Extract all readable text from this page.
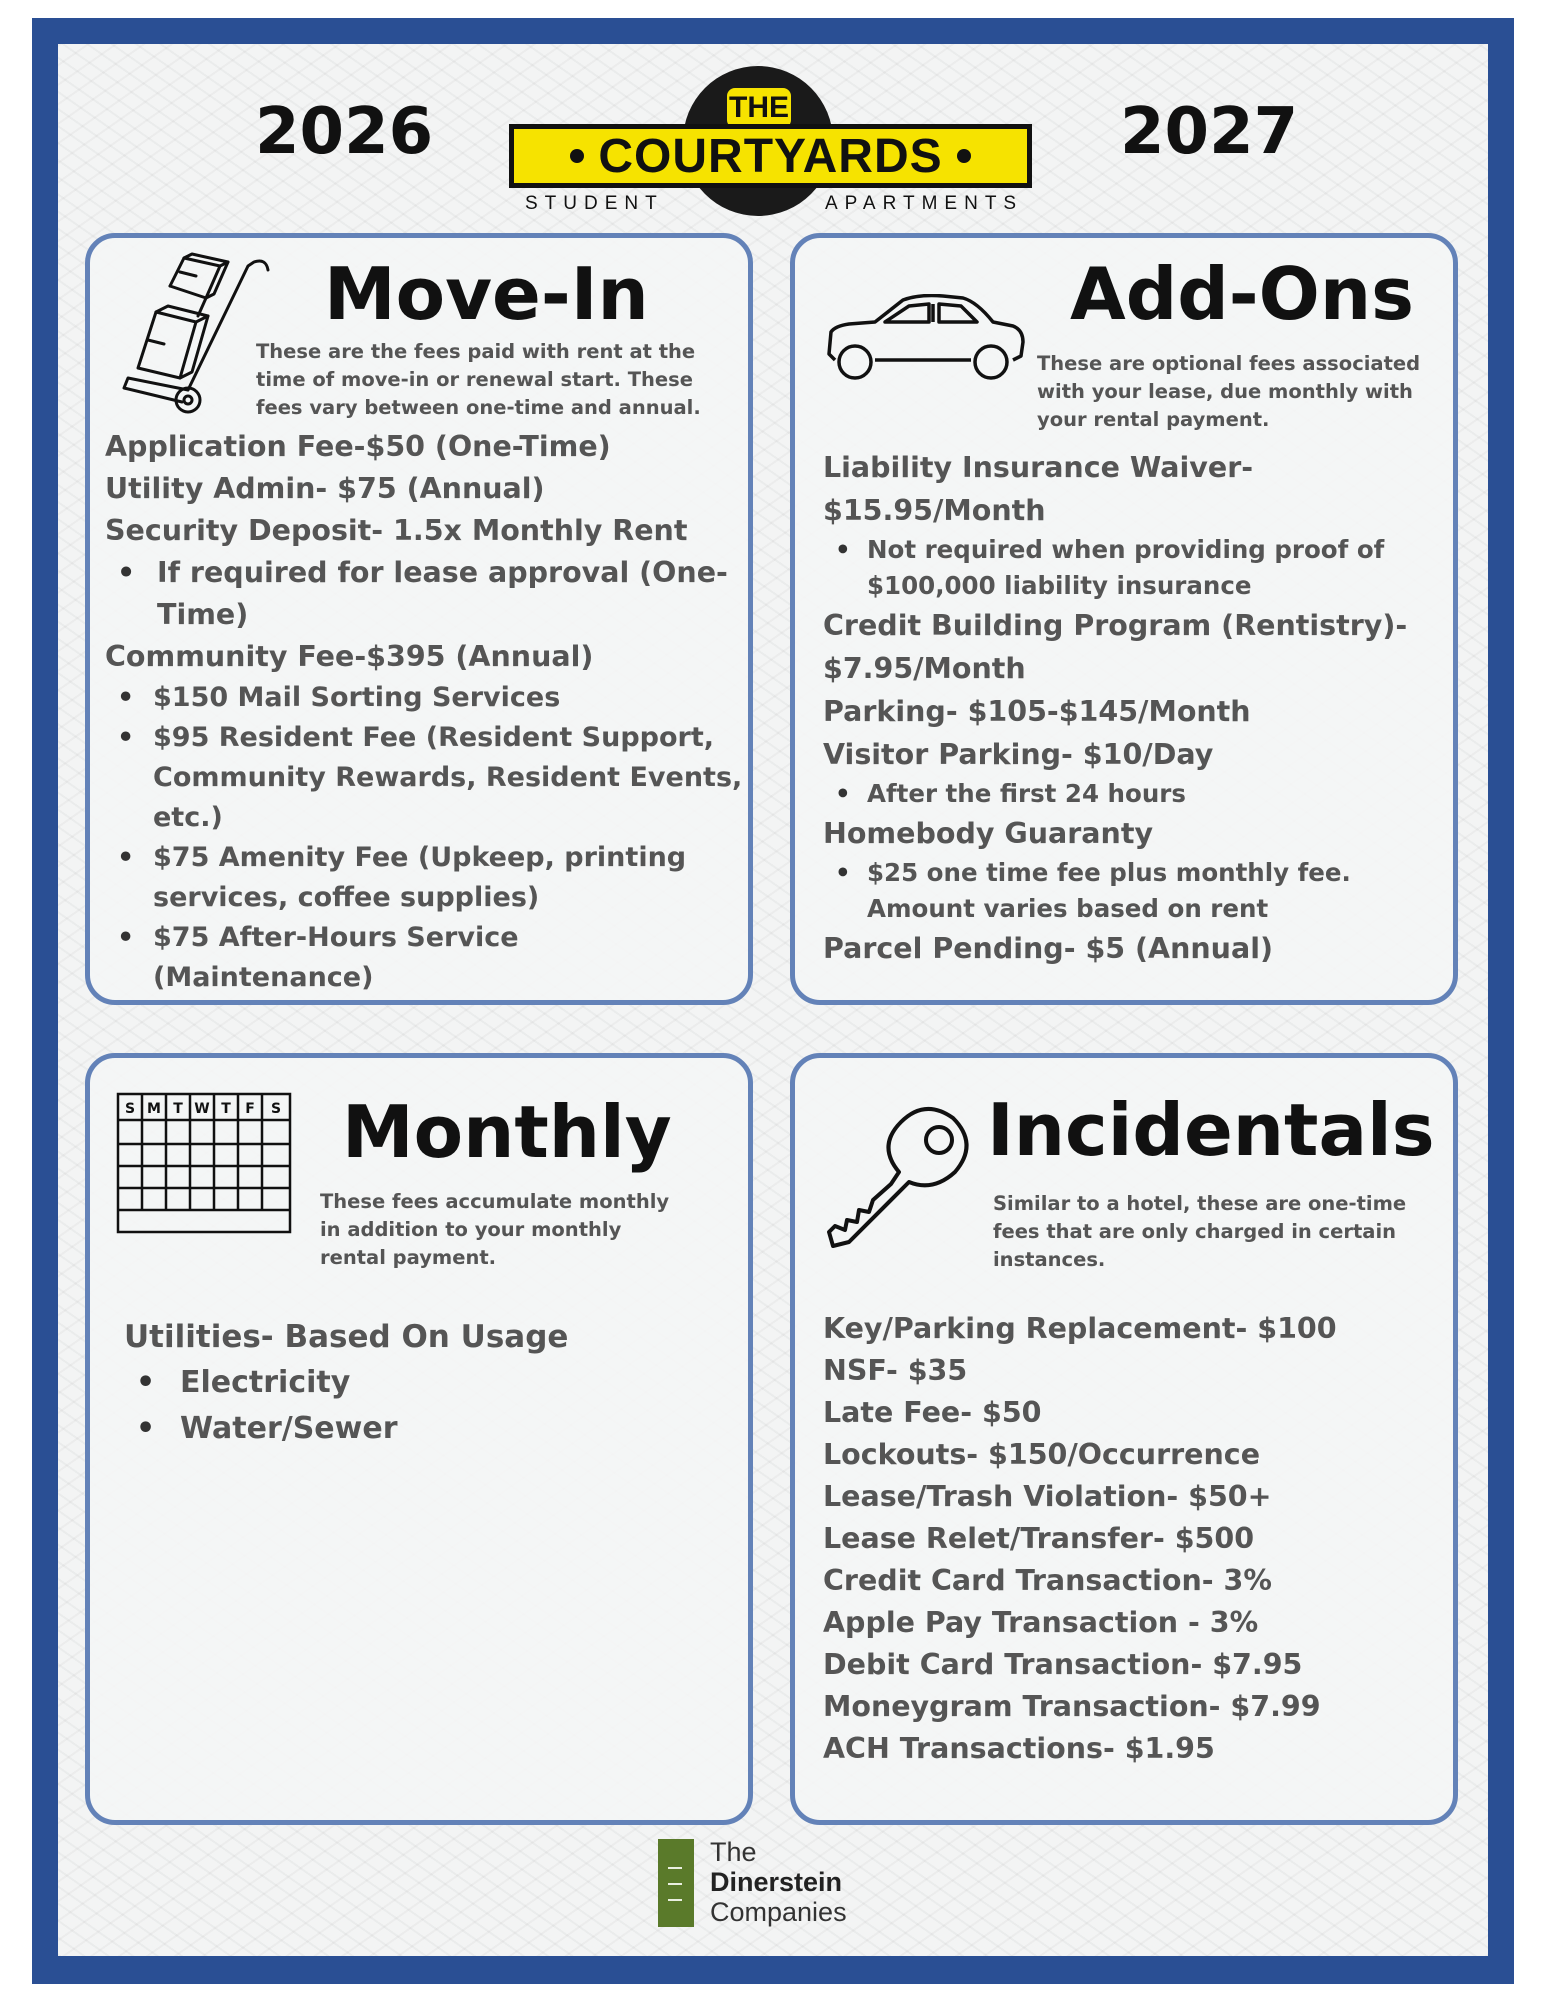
2026	2027
THE
COURTYARDS
STUDENT	APARTMENTS
Move-In
These are the fees paid with rent at the time of move-in or renewal start. These fees vary between one-time and annual.
Application Fee-$50 (One-Time)
Utility Admin- $75 (Annual)
Security Deposit- 1.5x Monthly Rent
• If required for lease approval (One-Time)
Community Fee-$395 (Annual)
• $150 Mail Sorting Services
• $95 Resident Fee (Resident Support, Community Rewards, Resident Events, etc.)
• $75 Amenity Fee (Upkeep, printing services, coffee supplies)
• $75 After-Hours Service (Maintenance)
Add-Ons
These are optional fees associated with your lease, due monthly with your rental payment.
Liability Insurance Waiver- $15.95/Month
• Not required when providing proof of $100,000 liability insurance
Credit Building Program (Rentistry)- $7.95/Month
Parking- $105-$145/Month
Visitor Parking- $10/Day
• After the first 24 hours
Homebody Guaranty
• $25 one time fee plus monthly fee. Amount varies based on rent
Parcel Pending- $5 (Annual)
S M T W T F S Monthly
These fees accumulate monthly in addition to your monthly rental payment.
Utilities- Based On Usage
• Electricity
• Water/Sewer
Incidentals
Similar to a hotel, these are one-time fees that are only charged in certain instances.
Key/Parking Replacement- $100
NSF- $35
Late Fee- $50
Lockouts- $150/Occurrence
Lease/Trash Violation- $50+
Lease Relet/Transfer- $500
Credit Card Transaction- 3%
Apple Pay Transaction - 3%
Debit Card Transaction- $7.95
Moneygram Transaction- $7.99
ACH Transactions- $1.95
The
Dinerstein
Companies
